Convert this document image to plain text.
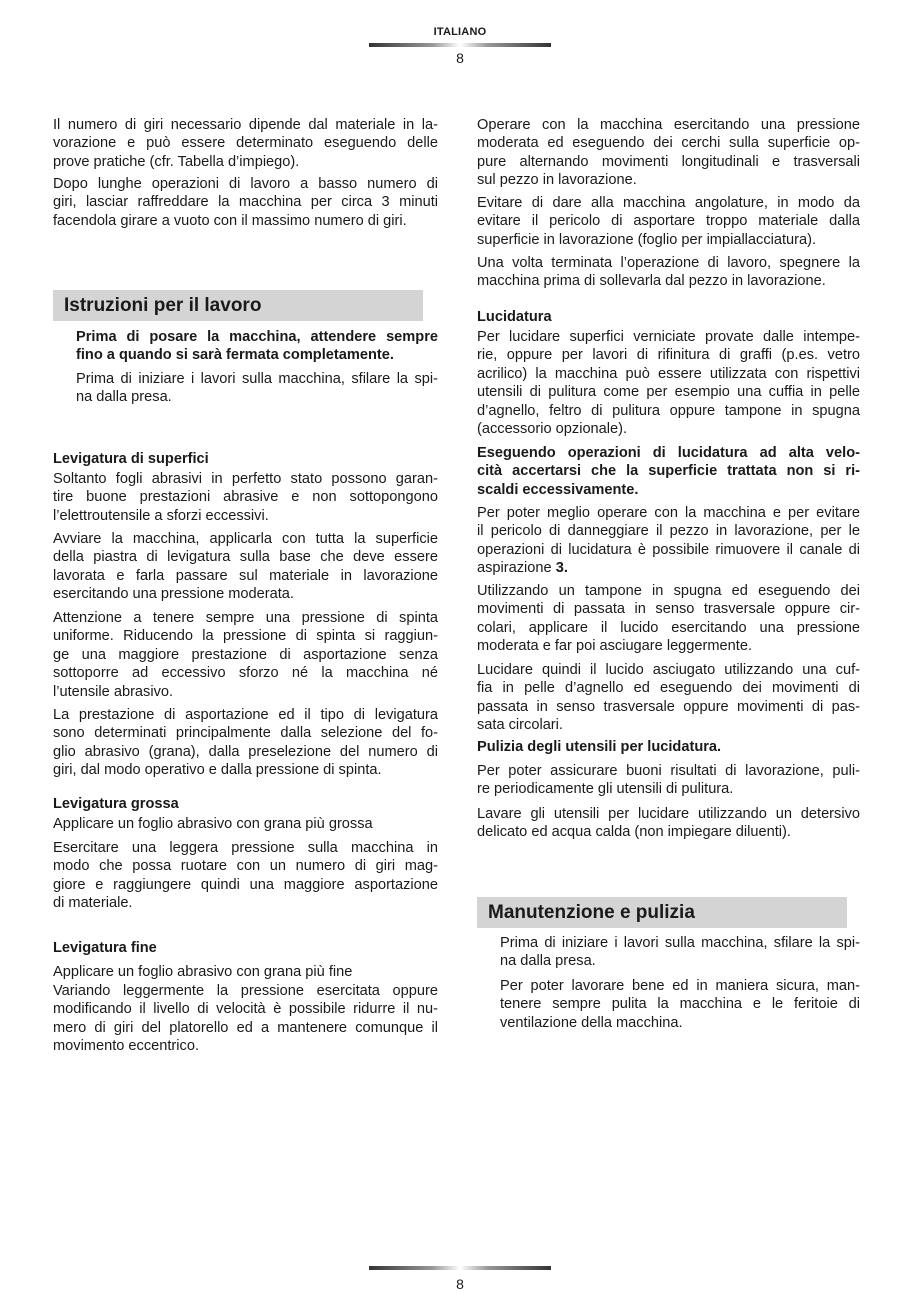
ITALIANO
8
Il numero di giri necessario dipende dal materiale in la-
vorazione e può essere determinato eseguendo delle
prove pratiche (cfr. Tabella d’impiego).
Dopo lunghe operazioni di lavoro a basso numero di
giri, lasciar raffreddare la macchina per circa 3 minuti
facendola girare a vuoto con il massimo numero di giri.
Istruzioni per il lavoro
Prima di posare la macchina, attendere sempre
fino a quando si sarà fermata completamente.
Prima di iniziare i lavori sulla macchina, sfilare la spi-
na dalla presa.
Levigatura di superfici
Soltanto fogli abrasivi in perfetto stato possono garan-
tire buone prestazioni abrasive e non sottopongono
l’elettroutensile a sforzi eccessivi.
Avviare la macchina, applicarla con tutta la superficie
della piastra di levigatura sulla base che deve essere
lavorata e farla passare sul materiale in lavorazione
esercitando una pressione moderata.
Attenzione a tenere sempre una pressione di spinta
uniforme. Riducendo la pressione di spinta si raggiun-
ge una maggiore prestazione di asportazione senza
sottoporre ad eccessivo sforzo né la macchina né
l’utensile abrasivo.
La prestazione di asportazione ed il tipo di levigatura
sono determinati principalmente dalla selezione del fo-
glio abrasivo (grana), dalla preselezione del numero di
giri, dal modo operativo e dalla pressione di spinta.
Levigatura grossa
Applicare un foglio abrasivo con grana più grossa
Esercitare una leggera pressione sulla macchina in
modo che possa ruotare con un numero di giri mag-
giore e raggiungere quindi una maggiore asportazione
di materiale.
Levigatura fine
Applicare un foglio abrasivo con grana più fine
Variando leggermente la pressione esercitata oppure
modificando il livello di velocità è possibile ridurre il nu-
mero di giri del platorello ed a mantenere comunque il
movimento eccentrico.
Operare con la macchina esercitando una pressione
moderata ed eseguendo dei cerchi sulla superficie op-
pure alternando movimenti longitudinali e trasversali
sul pezzo in lavorazione.
Evitare di dare alla macchina angolature, in modo da
evitare il pericolo di asportare troppo materiale dalla
superficie in lavorazione (foglio per impiallacciatura).
Una volta terminata l’operazione di lavoro, spegnere la
macchina prima di sollevarla dal pezzo in lavorazione.
Lucidatura
Per lucidare superfici verniciate provate dalle intempe-
rie, oppure per lavori di rifinitura di graffi (p.es. vetro
acrilico) la macchina può essere utilizzata con rispettivi
utensili di pulitura come per esempio una cuffia in pelle
d’agnello, feltro di pulitura oppure tampone in spugna
(accessorio opzionale).
Eseguendo operazioni di lucidatura ad alta velo-
cità accertarsi che la superficie trattata non si ri-
scaldi eccessivamente.
Per poter meglio operare con la macchina e per evitare
il pericolo di danneggiare il pezzo in lavorazione, per le
operazioni di lucidatura è possibile rimuovere il canale di
aspirazione 3.
Utilizzando un tampone in spugna ed eseguendo dei
movimenti di passata in senso trasversale oppure cir-
colari, applicare il lucido esercitando una pressione
moderata e far poi asciugare leggermente.
Lucidare quindi il lucido asciugato utilizzando una cuf-
fia in pelle d’agnello ed eseguendo dei movimenti di
passata in senso trasversale oppure movimenti di pas-
sata circolari.
Pulizia degli utensili per lucidatura.
Per poter assicurare buoni risultati di lavorazione, puli-
re periodicamente gli utensili di pulitura.
Lavare gli utensili per lucidare utilizzando un detersivo
delicato ed acqua calda (non impiegare diluenti).
Manutenzione e pulizia
Prima di iniziare i lavori sulla macchina, sfilare la spi-
na dalla presa.
Per poter lavorare bene ed in maniera sicura, man-
tenere sempre pulita la macchina e le feritoie di
ventilazione della macchina.
8
